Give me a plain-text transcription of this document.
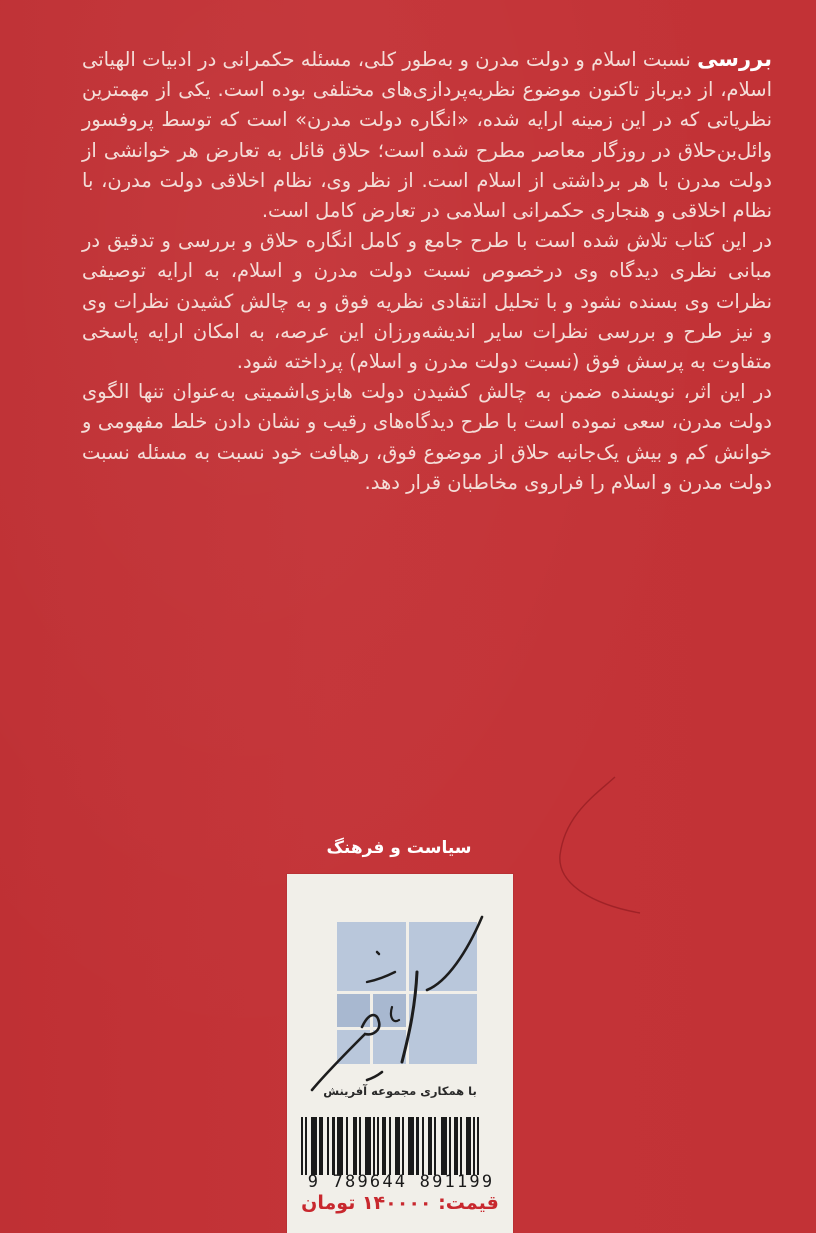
بررسی نسبت اسلام و دولت مدرن و به‌طور کلی، مسئله حکمرانی در ادبیات الهیاتی اسلام، از دیرباز تاکنون موضوع نظریه‌پردازی‌های مختلفی بوده است. یکی از مهمترین نظریاتی که در این زمینه ارایه شده، «انگاره دولت مدرن» است که توسط پروفسور وائل‌بن‌حلاق در روزگار معاصر مطرح شده است؛ حلاق قائل به تعارض هر خوانشی از دولت مدرن با هر برداشتی از اسلام است. از نظر وی، نظام اخلاقی دولت مدرن، با نظام اخلاقی و هنجاری حکمرانی اسلامی در تعارض کامل است.

در این کتاب تلاش شده است با طرح جامع و کامل انگاره حلاق و بررسی و تدقیق در مبانی نظری دیدگاه وی درخصوص نسبت دولت مدرن و اسلام، به ارایه توصیفی نظرات وی بسنده نشود و با تحلیل انتقادی نظریه فوق و به چالش کشیدن نظرات وی و نیز طرح و بررسی نظرات سایر اندیشه‌ورزان این عرصه، به امکان ارایه پاسخی متفاوت به پرسش فوق (نسبت دولت مدرن و اسلام) پرداخته شود.

در این اثر، نویسنده ضمن به چالش کشیدن دولت هابزی‌اشمیتی به‌عنوان تنها الگوی دولت مدرن، سعی نموده است با طرح دیدگاه‌های رقیب و نشان دادن خلط مفهومی و خوانش کم و بیش یک‌جانبه حلاق از موضوع فوق، رهیافت خود نسبت به مسئله نسبت دولت مدرن و اسلام را فراروی مخاطبان قرار دهد.

سیاست و فرهنگ
با همکاری مجموعه آفرینش
9 789644 891199
قیمت: ۱۴۰۰۰۰ تومان
